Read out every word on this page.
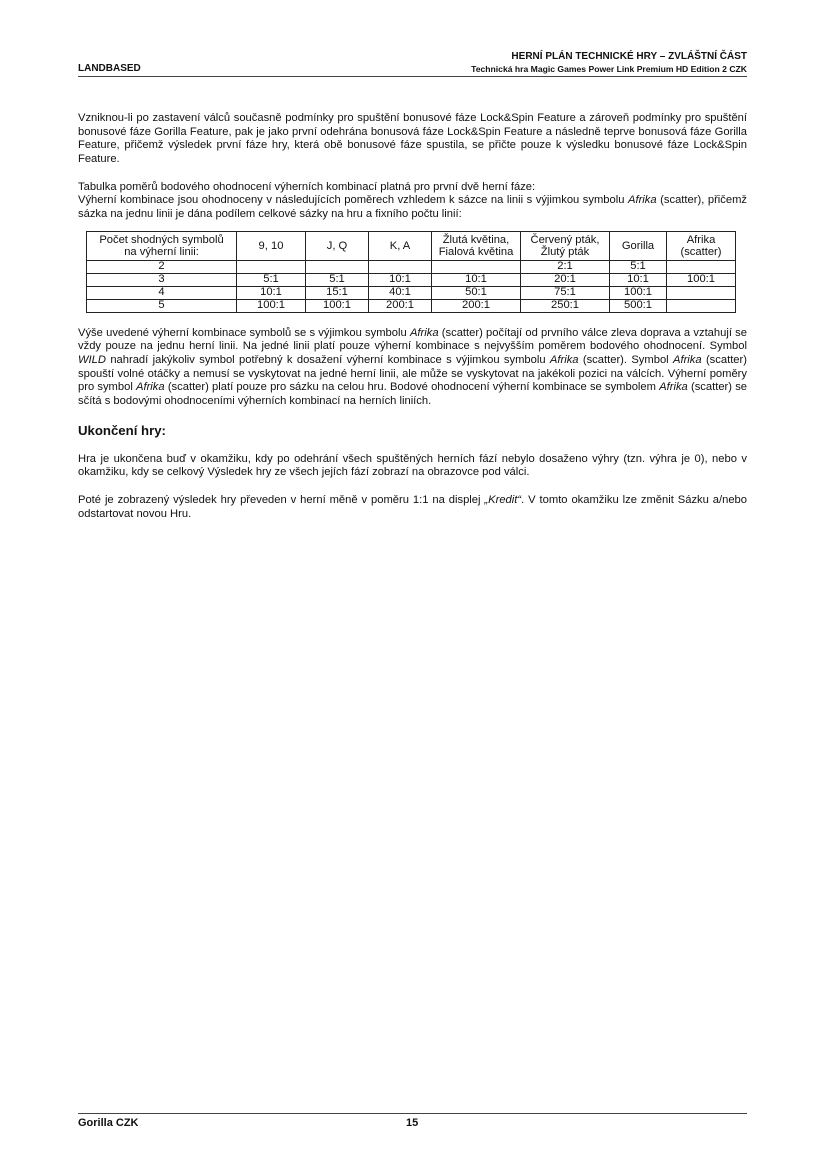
LANDBASED
HERNÍ PLÁN TECHNICKÉ HRY – ZVLÁŠTNÍ ČÁST
Technická hra Magic Games Power Link Premium HD Edition 2 CZK

Vzniknou-li po zastavení válců současně podmínky pro spuštění bonusové fáze Lock&Spin Feature a zároveň podmínky pro spuštění bonusové fáze Gorilla Feature, pak je jako první odehrána bonusová fáze Lock&Spin Feature a následně teprve bonusová fáze Gorilla Feature, přičemž výsledek první fáze hry, která obě bonusové fáze spustila, se přičte pouze k výsledku bonusové fáze Lock&Spin Feature.

Tabulka poměrů bodového ohodnocení výherních kombinací platná pro první dvě herní fáze:
Výherní kombinace jsou ohodnoceny v následujících poměrech vzhledem k sázce na linii s výjimkou symbolu Afrika (scatter), přičemž sázka na jednu linii je dána podílem celkové sázky na hru a fixního počtu linií:

Počet shodných symbolů
na výherní linii:	9, 10	J, Q	K, A	Žlutá květina,
Fialová květina	Červený pták,
Žlutý pták	Gorilla	Afrika
(scatter)
2					2:1	5:1	
3	5:1	5:1	10:1	10:1	20:1	10:1	100:1
4	10:1	15:1	40:1	50:1	75:1	100:1	
5	100:1	100:1	200:1	200:1	250:1	500:1	

Výše uvedené výherní kombinace symbolů se s výjimkou symbolu Afrika (scatter) počítají od prvního válce zleva doprava a vztahují se vždy pouze na jednu herní linii. Na jedné linii platí pouze výherní kombinace s nejvyšším poměrem bodového ohodnocení. Symbol WILD nahradí jakýkoliv symbol potřebný k dosažení výherní kombinace s výjimkou symbolu Afrika (scatter). Symbol Afrika (scatter) spouští volné otáčky a nemusí se vyskytovat na jedné herní linii, ale může se vyskytovat na jakékoli pozici na válcích. Výherní poměry pro symbol Afrika (scatter) platí pouze pro sázku na celou hru. Bodové ohodnocení výherní kombinace se symbolem Afrika (scatter) se sčítá s bodovými ohodnoceními výherních kombinací na herních liniích.

Ukončení hry:

Hra je ukončena buď v okamžiku, kdy po odehrání všech spuštěných herních fází nebylo dosaženo výhry (tzn. výhra je 0), nebo v okamžiku, kdy se celkový Výsledek hry ze všech jejích fází zobrazí na obrazovce pod válci.

Poté je zobrazený výsledek hry převeden v herní měně v poměru 1:1 na displej „Kredit“. V tomto okamžiku lze změnit Sázku a/nebo odstartovat novou Hru.

Gorilla CZK	15
